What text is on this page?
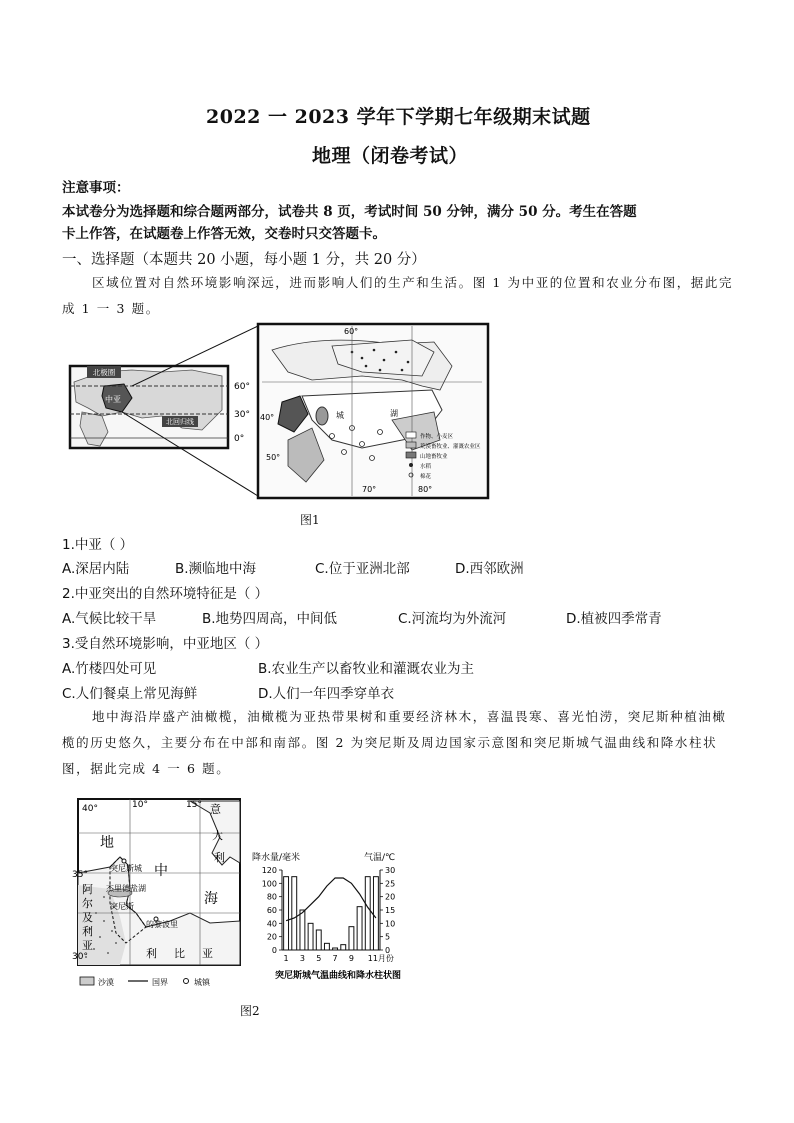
2022 一 2023 学年下学期七年级期末试题
地理（闭卷考试）
注意事项：
本试卷分为选择题和综合题两部分，试卷共 8 页，考试时间 50 分钟，满分 50 分。考生在答题
卡上作答，在试题卷上作答无效，交卷时只交答题卡。
一、选择题（本题共 20 小题，每小题 1 分，共 20 分）
区域位置对自然环境影响深远，进而影响人们的生产和生活。图 1 为中亚的位置和农业分布图，据此完成 1 一 3 题。
北极圈
中亚
北回归线
60°
30°
0°
60°
40°
50°
70°	80°
城	湖
作物、小麦区
荒漠畜牧业、灌溉农业区
山地畜牧业
水稻
棉花
图1
1.中亚（ ）
A.深居内陆	B.濒临地中海	C.位于亚洲北部	D.西邻欧洲
2.中亚突出的自然环境特征是（ ）
A.气候比较干旱	B.地势四周高，中间低	C.河流均为外流河	D.植被四季常青
3.受自然环境影响，中亚地区（ ）
A.竹楼四处可见	B.农业生产以畜牧业和灌溉农业为主
C.人们餐桌上常见海鲜	D.人们一年四季穿单衣
地中海沿岸盛产油橄榄，油橄榄为亚热带果树和重要经济林木，喜温畏寒、喜光怕涝，突尼斯种植油橄榄的历史悠久，主要分布在中部和南部。图 2 为突尼斯及周边国家示意图和突尼斯城气温曲线和降水柱状图，据此完成 4 一 6 题。
40°
35°
30°
10°	15°
地
中
海
意
大
利
阿
尔
及
利
亚
利 比 亚
突尼斯城
杰里德盐湖
突尼斯
的黎波里
沙漠	国界	城镇
降水量/毫米	气温/℃
0
20
40
60
80
100
120
0
5
10
15
20
25
30
1 3 5 7 9 11月份
突尼斯城气温曲线和降水柱状图
图2
